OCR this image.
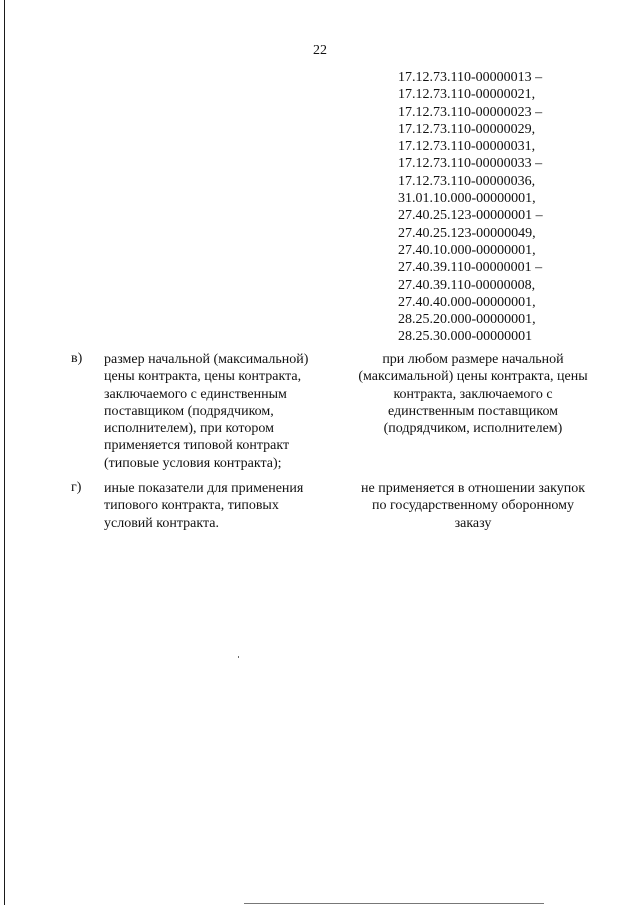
22
17.12.73.110-00000013 –
17.12.73.110-00000021,
17.12.73.110-00000023 –
17.12.73.110-00000029,
17.12.73.110-00000031,
17.12.73.110-00000033 –
17.12.73.110-00000036,
31.01.10.000-00000001,
27.40.25.123-00000001 –
27.40.25.123-00000049,
27.40.10.000-00000001,
27.40.39.110-00000001 –
27.40.39.110-00000008,
27.40.40.000-00000001,
28.25.20.000-00000001,
28.25.30.000-00000001
в) размер начальной (максимальной)
цены контракта, цены контракта,
заключаемого с единственным
поставщиком (подрядчиком,
исполнителем), при котором
применяется типовой контракт
(типовые условия контракта);
при любом размере начальной
(максимальной) цены контракта, цены
контракта, заключаемого с
единственным поставщиком
(подрядчиком, исполнителем)
г) иные показатели для применения
типового контракта, типовых
условий контракта.
не применяется в отношении закупок
по государственному оборонному
заказу
